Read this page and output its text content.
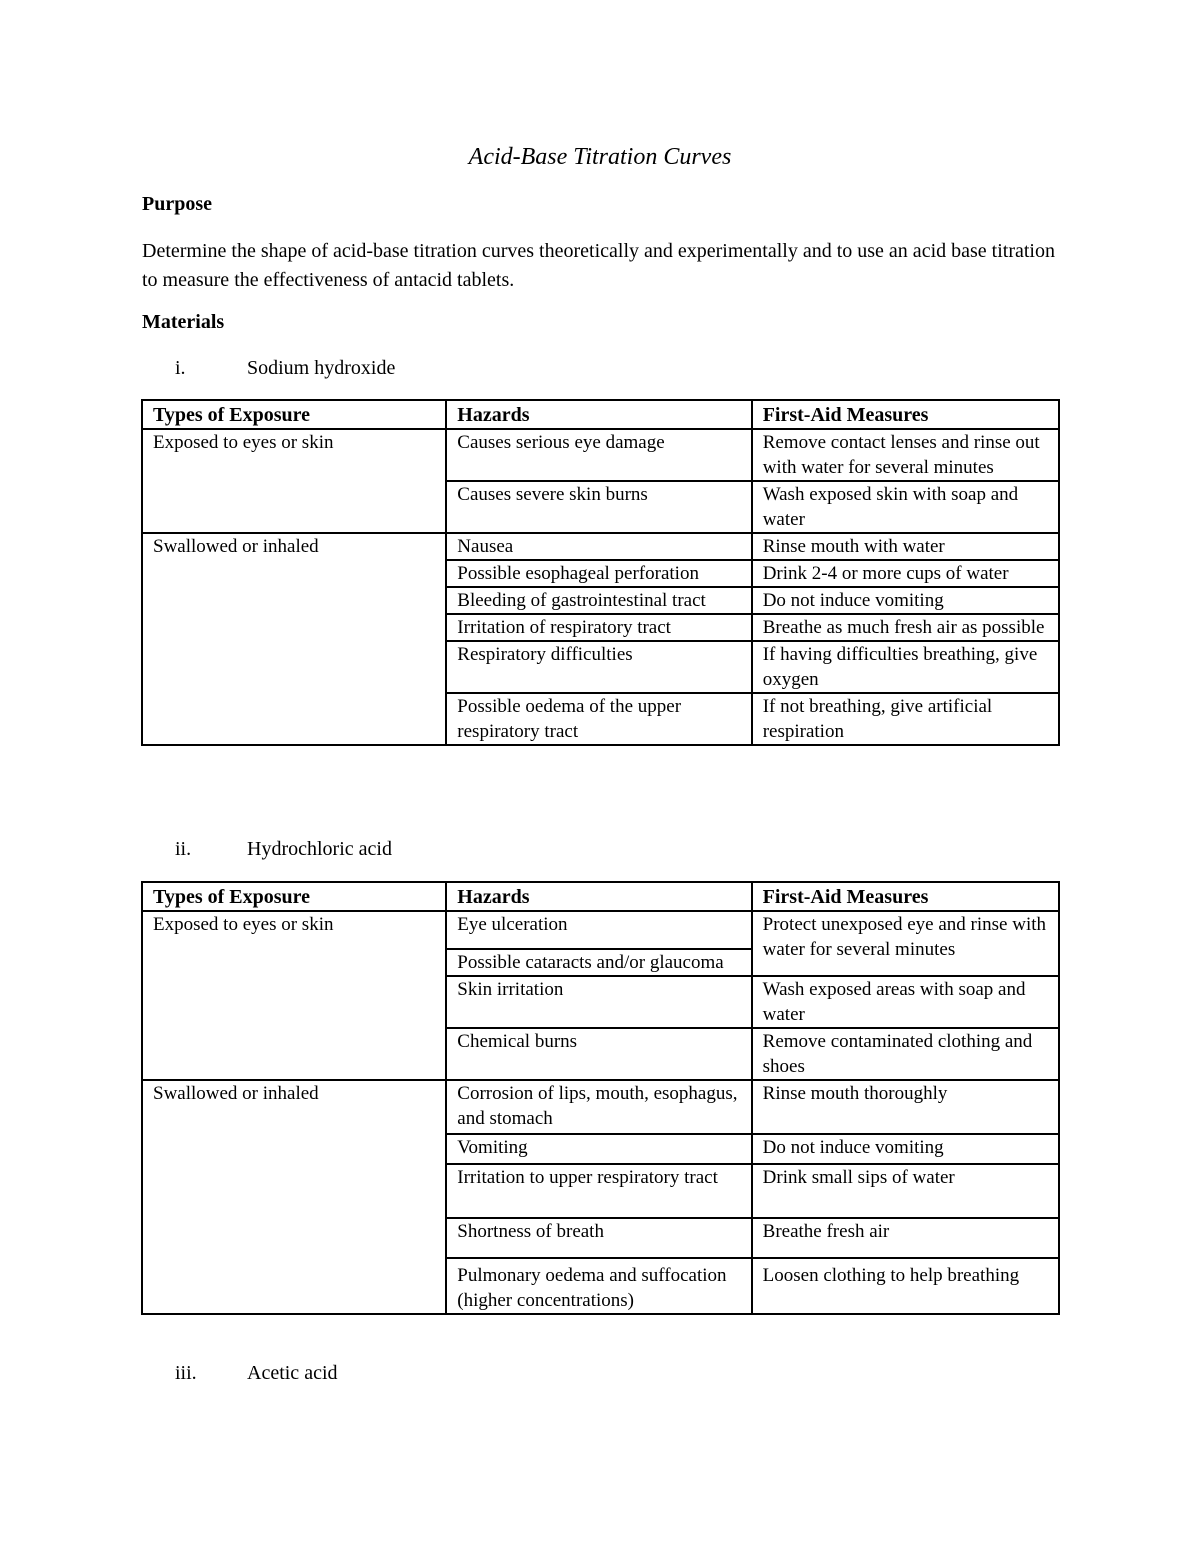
Acid-Base Titration Curves
Purpose
Determine the shape of acid-base titration curves theoretically and experimentally and to use an acid base titration to measure the effectiveness of antacid tablets.
Materials
i.	Sodium hydroxide
Types of Exposure	Hazards	First-Aid Measures
Exposed to eyes or skin	Causes serious eye damage	Remove contact lenses and rinse out with water for several minutes
	Causes severe skin burns	Wash exposed skin with soap and water
Swallowed or inhaled	Nausea	Rinse mouth with water
	Possible esophageal perforation	Drink 2-4 or more cups of water
	Bleeding of gastrointestinal tract	Do not induce vomiting
	Irritation of respiratory tract	Breathe as much fresh air as possible
	Respiratory difficulties	If having difficulties breathing, give oxygen
	Possible oedema of the upper respiratory tract	If not breathing, give artificial respiration
ii.	Hydrochloric acid
Types of Exposure	Hazards	First-Aid Measures
Exposed to eyes or skin	Eye ulceration	Protect unexposed eye and rinse with water for several minutes
	Possible cataracts and/or glaucoma	
	Skin irritation	Wash exposed areas with soap and water
	Chemical burns	Remove contaminated clothing and shoes
Swallowed or inhaled	Corrosion of lips, mouth, esophagus, and stomach	Rinse mouth thoroughly
	Vomiting	Do not induce vomiting
	Irritation to upper respiratory tract	Drink small sips of water
	Shortness of breath	Breathe fresh air
	Pulmonary oedema and suffocation (higher concentrations)	Loosen clothing to help breathing
iii.	Acetic acid
